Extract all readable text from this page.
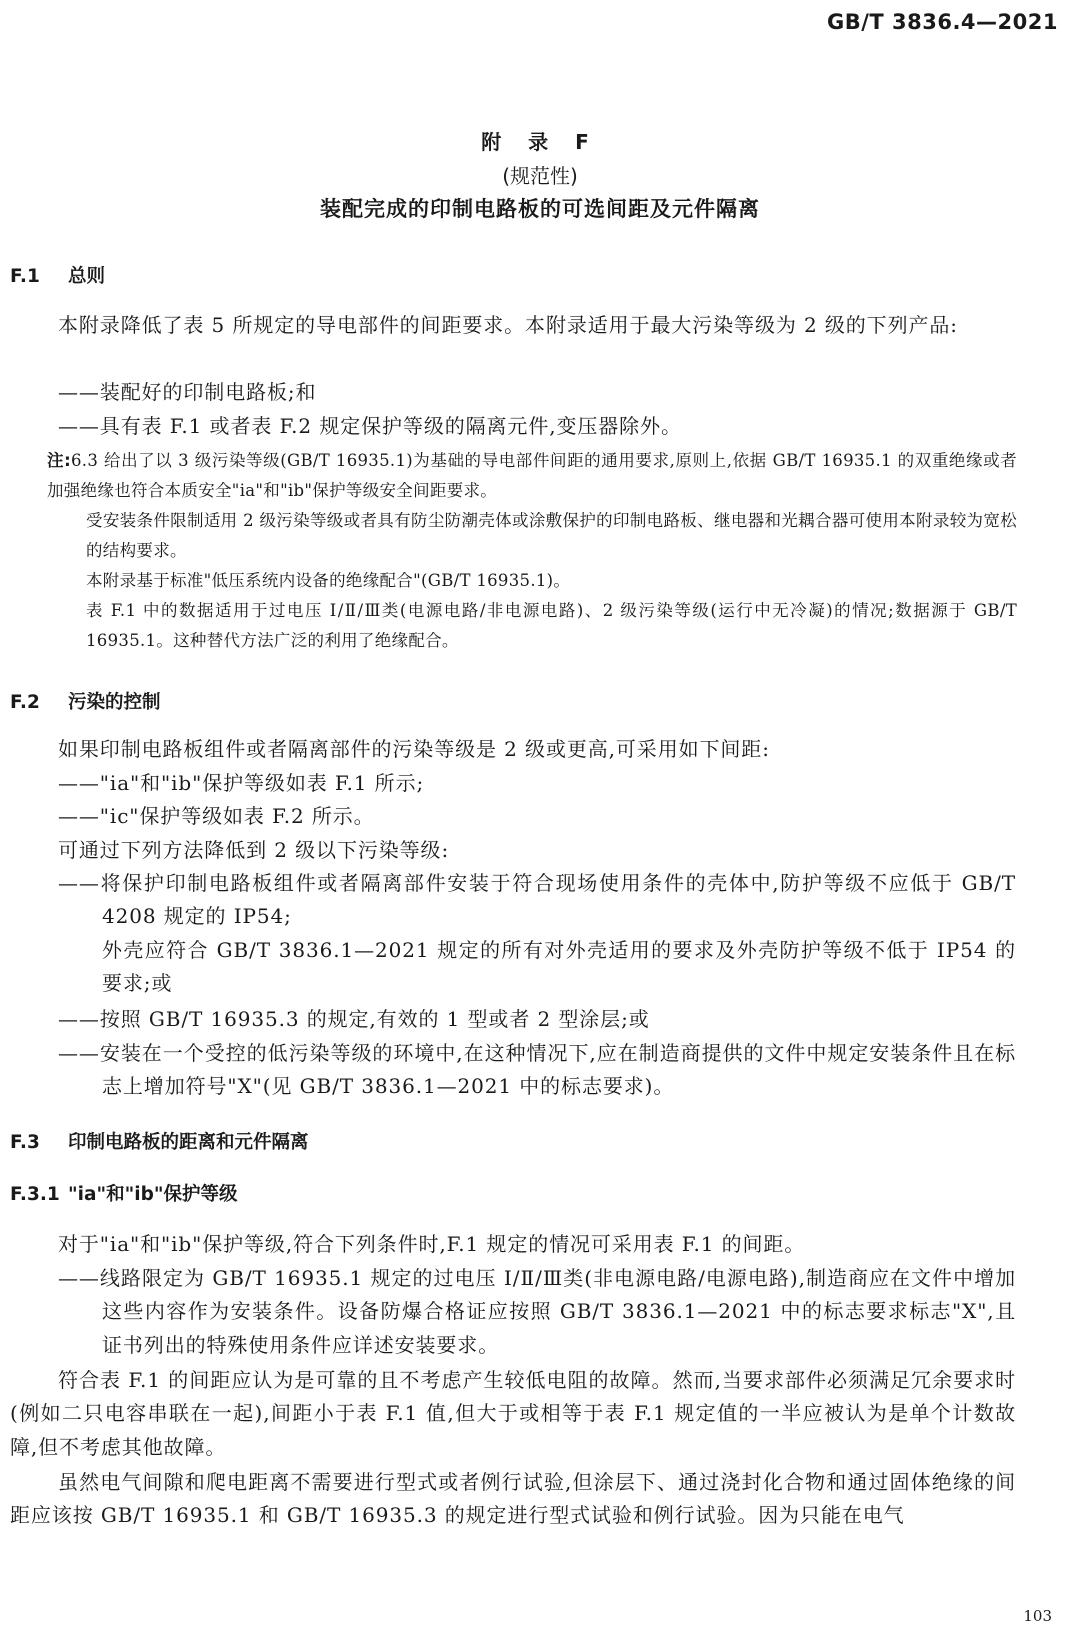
GB/T 3836.4—2021
附 录 F
(规范性)
装配完成的印制电路板的可选间距及元件隔离
F.1 总则
本附录降低了表 5 所规定的导电部件的间距要求。本附录适用于最大污染等级为 2 级的下列产品:
——装配好的印制电路板;和
——具有表 F.1 或者表 F.2 规定保护等级的隔离元件,变压器除外。
注:6.3 给出了以 3 级污染等级(GB/T 16935.1)为基础的导电部件间距的通用要求,原则上,依据 GB/T 16935.1 的双重绝缘或者加强绝缘也符合本质安全"ia"和"ib"保护等级安全间距要求。
受安装条件限制适用 2 级污染等级或者具有防尘防潮壳体或涂敷保护的印制电路板、继电器和光耦合器可使用本附录较为宽松的结构要求。
本附录基于标准"低压系统内设备的绝缘配合"(GB/T 16935.1)。
表 F.1 中的数据适用于过电压 Ⅰ/Ⅱ/Ⅲ类(电源电路/非电源电路)、2 级污染等级(运行中无冷凝)的情况;数据源于 GB/T 16935.1。这种替代方法广泛的利用了绝缘配合。
F.2 污染的控制
如果印制电路板组件或者隔离部件的污染等级是 2 级或更高,可采用如下间距:
——"ia"和"ib"保护等级如表 F.1 所示;
——"ic"保护等级如表 F.2 所示。
可通过下列方法降低到 2 级以下污染等级:
——将保护印制电路板组件或者隔离部件安装于符合现场使用条件的壳体中,防护等级不应低于 GB/T 4208 规定的 IP54;
外壳应符合 GB/T 3836.1—2021 规定的所有对外壳适用的要求及外壳防护等级不低于 IP54 的要求;或
——按照 GB/T 16935.3 的规定,有效的 1 型或者 2 型涂层;或
——安装在一个受控的低污染等级的环境中,在这种情况下,应在制造商提供的文件中规定安装条件且在标志上增加符号"X"(见 GB/T 3836.1—2021 中的标志要求)。
F.3 印制电路板的距离和元件隔离
F.3.1 "ia"和"ib"保护等级
对于"ia"和"ib"保护等级,符合下列条件时,F.1 规定的情况可采用表 F.1 的间距。
——线路限定为 GB/T 16935.1 规定的过电压 Ⅰ/Ⅱ/Ⅲ类(非电源电路/电源电路),制造商应在文件中增加这些内容作为安装条件。设备防爆合格证应按照 GB/T 3836.1—2021 中的标志要求标志"X",且证书列出的特殊使用条件应详述安装要求。
符合表 F.1 的间距应认为是可靠的且不考虑产生较低电阻的故障。然而,当要求部件必须满足冗余要求时(例如二只电容串联在一起),间距小于表 F.1 值,但大于或相等于表 F.1 规定值的一半应被认为是单个计数故障,但不考虑其他故障。
虽然电气间隙和爬电距离不需要进行型式或者例行试验,但涂层下、通过浇封化合物和通过固体绝缘的间距应该按 GB/T 16935.1 和 GB/T 16935.3 的规定进行型式试验和例行试验。因为只能在电气
103
